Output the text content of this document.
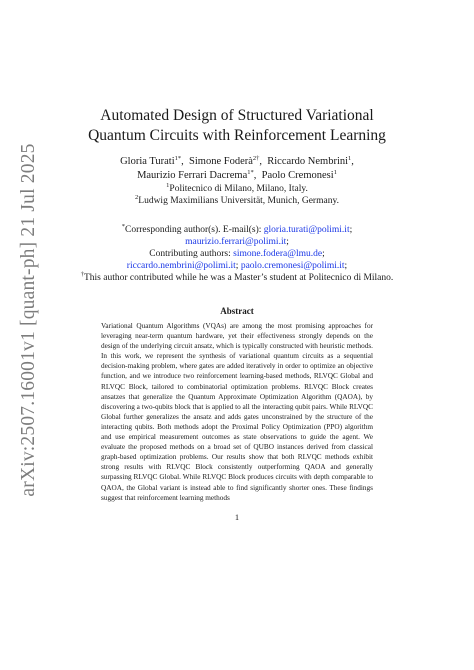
arXiv:2507.16001v1 [quant-ph] 21 Jul 2025
Automated Design of Structured Variational
Quantum Circuits with Reinforcement Learning
Gloria Turati$^{1*}$,  Simone Foderà$^{2\dagger}$,  Riccardo Nembrini$^1$,
Maurizio Ferrari Dacrema$^{1*}$,  Paolo Cremonesi$^1$
$^1$Politecnico di Milano, Milano, Italy.
$^2$Ludwig Maximilians Universität, Munich, Germany.
*Corresponding author(s). E-mail(s): gloria.turati@polimi.it;
maurizio.ferrari@polimi.it;
Contributing authors: simone.fodera@lmu.de;
riccardo.nembrini@polimi.it; paolo.cremonesi@polimi.it;
†This author contributed while he was a Master’s student at Politecnico di Milano.
Abstract
Variational Quantum Algorithms (VQAs) are among the most promising approaches for leveraging near-term quantum hardware, yet their effectiveness strongly depends on the design of the underlying circuit ansatz, which is typically constructed with heuristic methods. In this work, we represent the synthesis of variational quantum circuits as a sequential decision-making problem, where gates are added iteratively in order to optimize an objective function, and we introduce two reinforcement learning-based methods, RLVQC Global and RLVQC Block, tailored to combinatorial optimization problems. RLVQC Block creates ansatzes that generalize the Quantum Approximate Optimization Algorithm (QAOA), by discovering a two-qubits block that is applied to all the interacting qubit pairs. While RLVQC Global further generalizes the ansatz and adds gates unconstrained by the structure of the interacting qubits. Both methods adopt the Proximal Policy Optimization (PPO) algorithm and use empirical measurement outcomes as state observations to guide the agent. We evaluate the proposed methods on a broad set of QUBO instances derived from classical graph-based optimization problems. Our results show that both RLVQC methods exhibit strong results with RLVQC Block consistently outperforming QAOA and generally surpassing RLVQC Global. While RLVQC Block produces circuits with depth comparable to QAOA, the Global variant is instead able to find significantly shorter ones. These findings suggest that reinforcement learning methods
1
